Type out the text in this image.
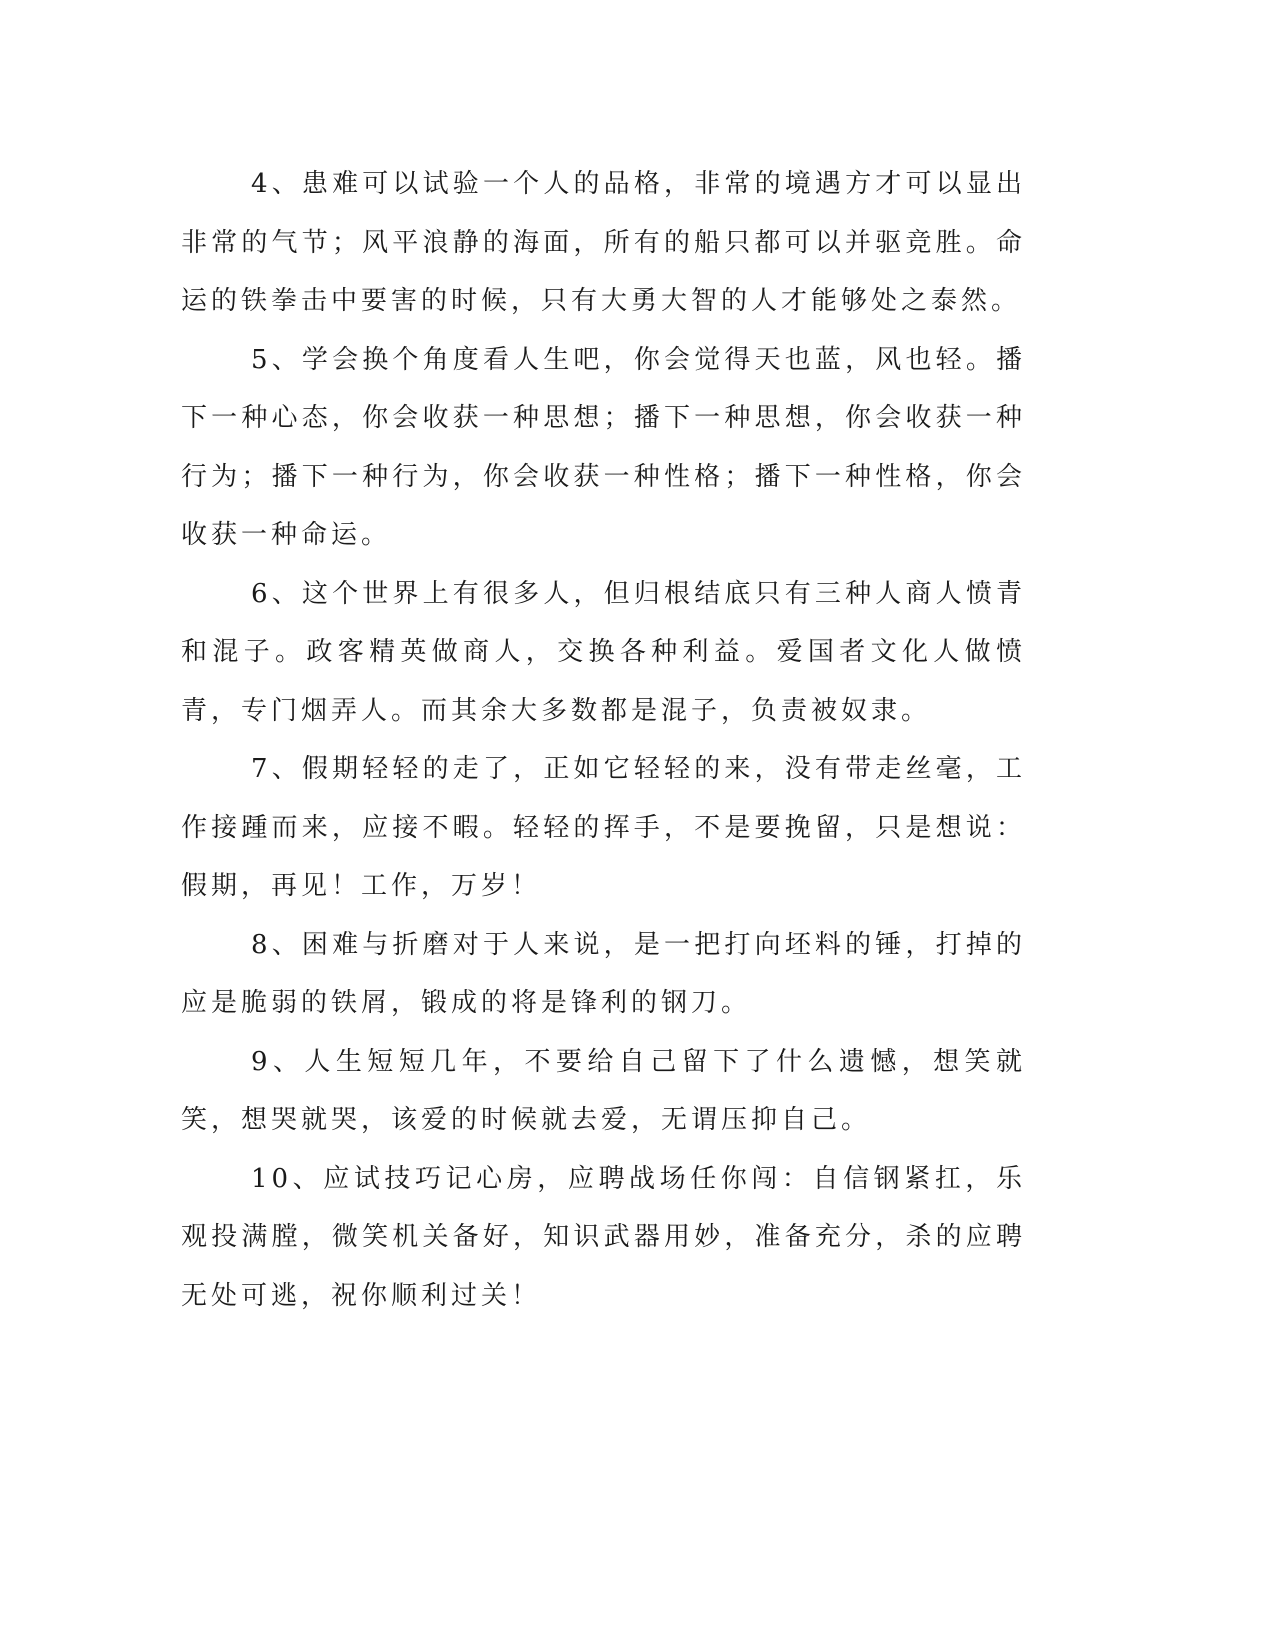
4、患难可以试验一个人的品格，非常的境遇方才可以显出非常的气节；风平浪静的海面，所有的船只都可以并驱竞胜。命运的铁拳击中要害的时候，只有大勇大智的人才能够处之泰然。

5、学会换个角度看人生吧，你会觉得天也蓝，风也轻。播下一种心态，你会收获一种思想；播下一种思想，你会收获一种行为；播下一种行为，你会收获一种性格；播下一种性格，你会收获一种命运。

6、这个世界上有很多人，但归根结底只有三种人商人愤青和混子。政客精英做商人，交换各种利益。爱国者文化人做愤青，专门烟弄人。而其余大多数都是混子，负责被奴隶。

7、假期轻轻的走了，正如它轻轻的来，没有带走丝毫，工作接踵而来，应接不暇。轻轻的挥手，不是要挽留，只是想说：假期，再见！工作，万岁！

8、困难与折磨对于人来说，是一把打向坯料的锤，打掉的应是脆弱的铁屑，锻成的将是锋利的钢刀。

9、人生短短几年，不要给自己留下了什么遗憾，想笑就笑，想哭就哭，该爱的时候就去爱，无谓压抑自己。

10、应试技巧记心房，应聘战场任你闯：自信钢紧扛，乐观投满膛，微笑机关备好，知识武器用妙，准备充分，杀的应聘无处可逃，祝你顺利过关！
